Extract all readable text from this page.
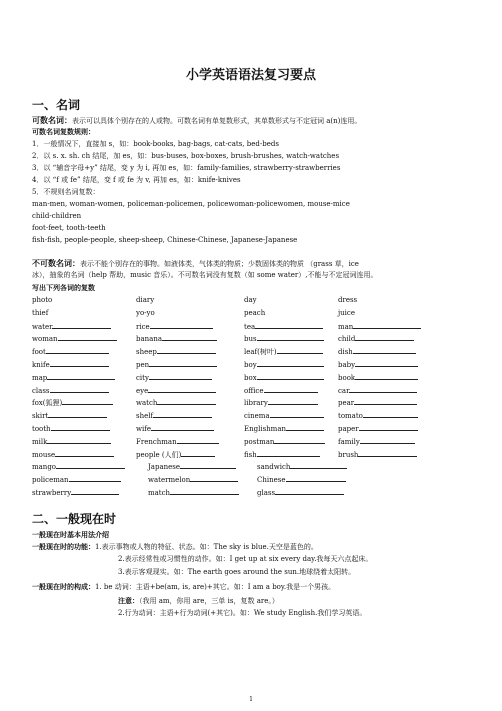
小学英语语法复习要点
一、名词
可数名词：表示可以具体个别存在的人或物。可数名词有单复数形式，其单数形式与不定冠词 a(n)连用。
可数名词复数规则：
1．一般情况下，直接加 s，如：book-books, bag-bags, cat-cats, bed-beds
2．以 s. x. sh. ch 结尾，加 es，如：bus-buses, box-boxes, brush-brushes, watch-watches
3．以 “辅音字母+y” 结尾，变 y 为 i, 再加 es，如：family-families, strawberry-strawberries
4．以 “f 或 fe” 结尾，变 f 或 fe 为 v, 再加 es，如：knife-knives
5．不规则名词复数：
man-men, woman-women, policeman-policemen, policewoman-policewomen, mouse-mice
child-children
foot-feet, tooth-teeth
fish-fish, people-people, sheep-sheep, Chinese-Chinese, Japanese-Japanese
不可数名词：表示不能个别存在的事物。如液体类，气体类的物质；少数固体类的物质 （grass 草，ice
冰），抽象的名词（help 帮助，music 音乐）。不可数名词没有复数（如 some water）,不能与不定冠词连用。
写出下列各词的复数
photo	diary	day	dress
thief	yo-yo	peach	juice
water	rice	tea	man
woman	banana	bus	child
foot	sheep	leaf(树叶)	dish
knife	pen	boy	baby
map	city	box	book
class	eye	office	car
fox(狐狸)	watch	library	pear
skirt	shelf	cinema	tomato
tooth	wife	Englishman	paper
milk	Frenchman	postman	family
mouse	people (人们)	fish	brush
mango	Japanese	sandwich
policeman	watermelon	Chinese
strawberry	match	glass
二、一般现在时
一般现在时基本用法介绍
一般现在时的功能：1.表示事物或人物的特征、状态。如：The sky is blue.天空是蓝色的。
2.表示经常性或习惯性的动作。如：I get up at six every day.我每天六点起床。
3.表示客观现实。如：The earth goes around the sun.地球绕着太阳转。
一般现在时的构成：1. be 动词：主语+be(am, is, are)+其它。如：I am a boy.我是一个男孩。
注意：（我用 am，你用 are，三单 is，复数 are。）
2.行为动词：主语+行为动词(+其它)。如：We study English.我们学习英语。
1
